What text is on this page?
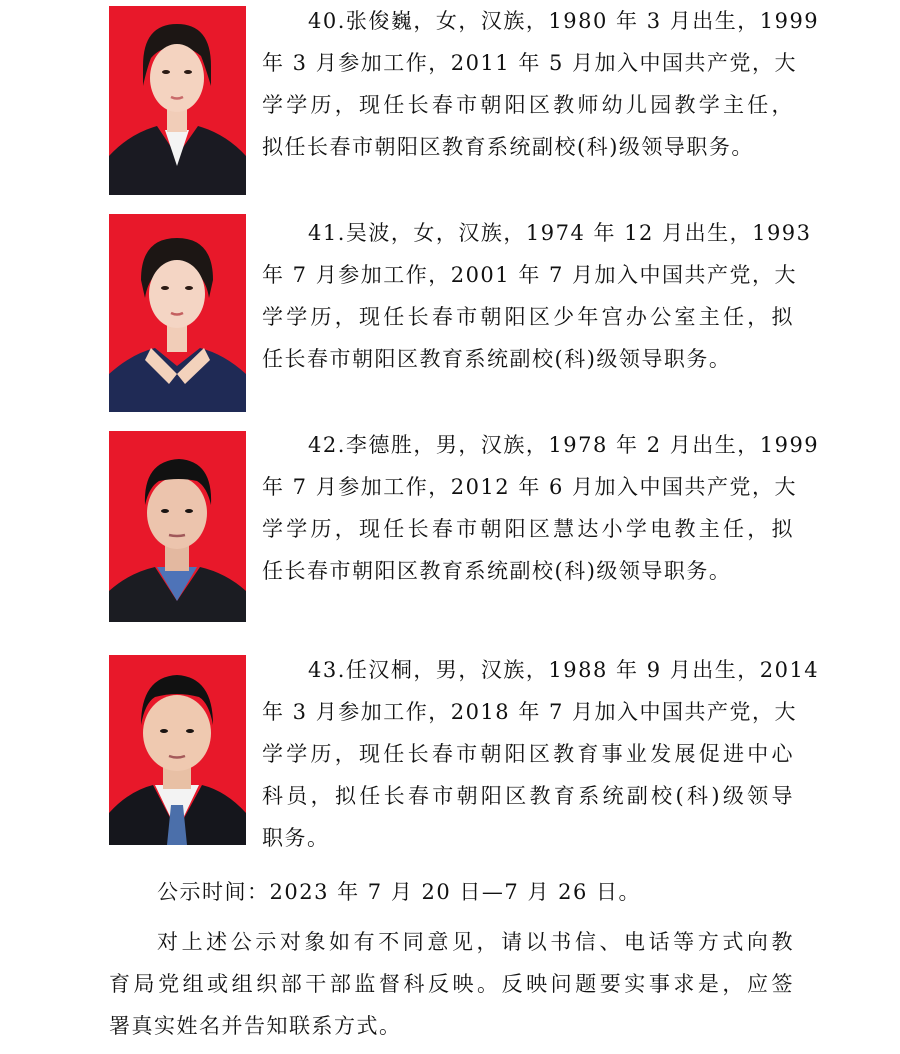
40.张俊巍，女，汉族，1980 年 3 月出生，1999
年 3 月参加工作，2011 年 5 月加入中国共产党，大
学学历，现任长春市朝阳区教师幼儿园教学主任，
拟任长春市朝阳区教育系统副校(科)级领导职务。
41.吴波，女，汉族，1974 年 12 月出生，1993
年 7 月参加工作，2001 年 7 月加入中国共产党，大
学学历，现任长春市朝阳区少年宫办公室主任，拟
任长春市朝阳区教育系统副校(科)级领导职务。
42.李德胜，男，汉族，1978 年 2 月出生，1999
年 7 月参加工作，2012 年 6 月加入中国共产党，大
学学历，现任长春市朝阳区慧达小学电教主任，拟
任长春市朝阳区教育系统副校(科)级领导职务。
43.任汉桐，男，汉族，1988 年 9 月出生，2014
年 3 月参加工作，2018 年 7 月加入中国共产党，大
学学历，现任长春市朝阳区教育事业发展促进中心
科员，拟任长春市朝阳区教育系统副校(科)级领导
职务。
公示时间：2023 年 7 月 20 日—7 月 26 日。
对上述公示对象如有不同意见，请以书信、电话等方式向教
育局党组或组织部干部监督科反映。反映问题要实事求是，应签
署真实姓名并告知联系方式。
